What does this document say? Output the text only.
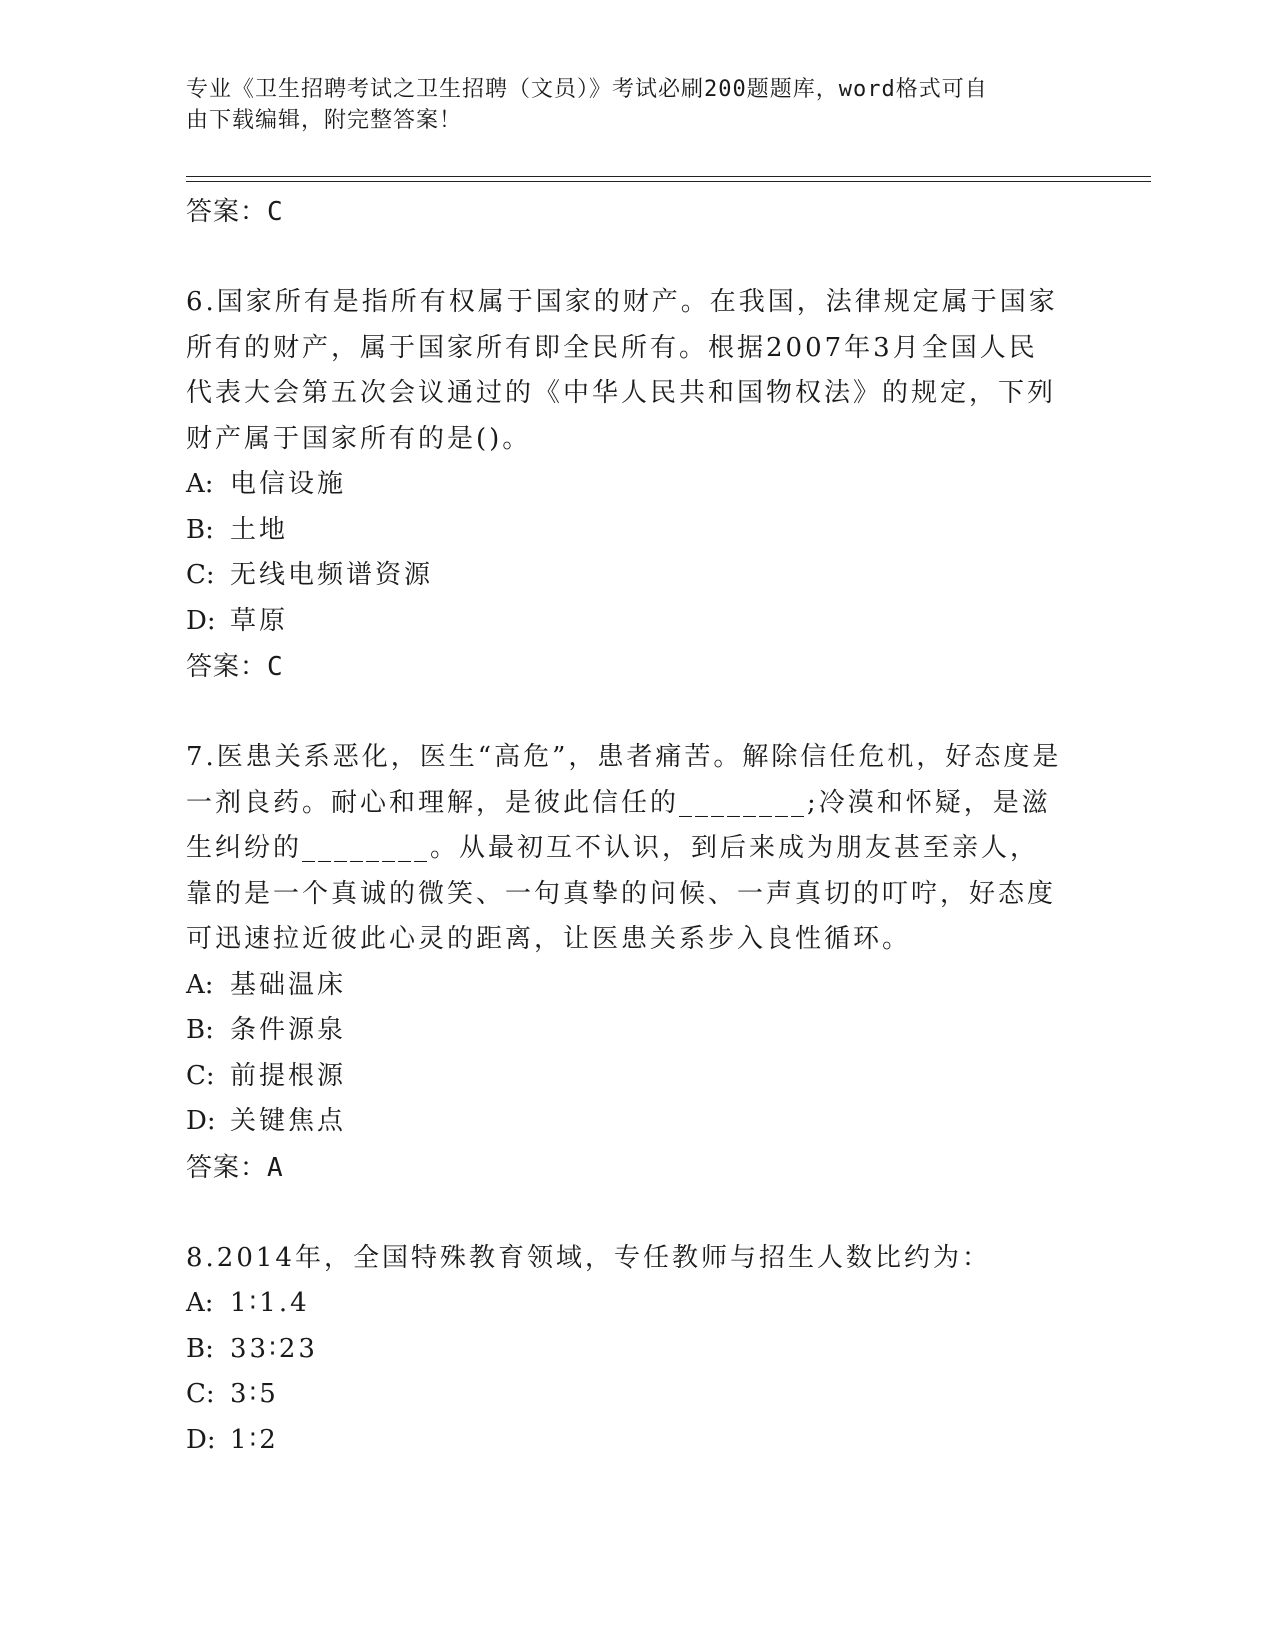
专业《卫生招聘考试之卫生招聘（文员）》考试必刷200题题库，word格式可自
由下载编辑，附完整答案！
答案：C
6.国家所有是指所有权属于国家的财产。在我国，法律规定属于国家所有的财产，属于国家所有即全民所有。根据2007年3月全国人民代表大会第五次会议通过的《中华人民共和国物权法》的规定，下列财产属于国家所有的是()。
A: 电信设施
B: 土地
C: 无线电频谱资源
D: 草原
答案：C
7.医患关系恶化，医生“高危”，患者痛苦。解除信任危机，好态度是一剂良药。耐心和理解，是彼此信任的________;冷漠和怀疑，是滋生纠纷的________。从最初互不认识，到后来成为朋友甚至亲人，靠的是一个真诚的微笑、一句真挚的问候、一声真切的叮咛，好态度可迅速拉近彼此心灵的距离，让医患关系步入良性循环。
A: 基础温床
B: 条件源泉
C: 前提根源
D: 关键焦点
答案：A
8.2014年，全国特殊教育领域，专任教师与招生人数比约为：
A: 1∶1.4
B: 33∶23
C: 3∶5
D: 1∶2
